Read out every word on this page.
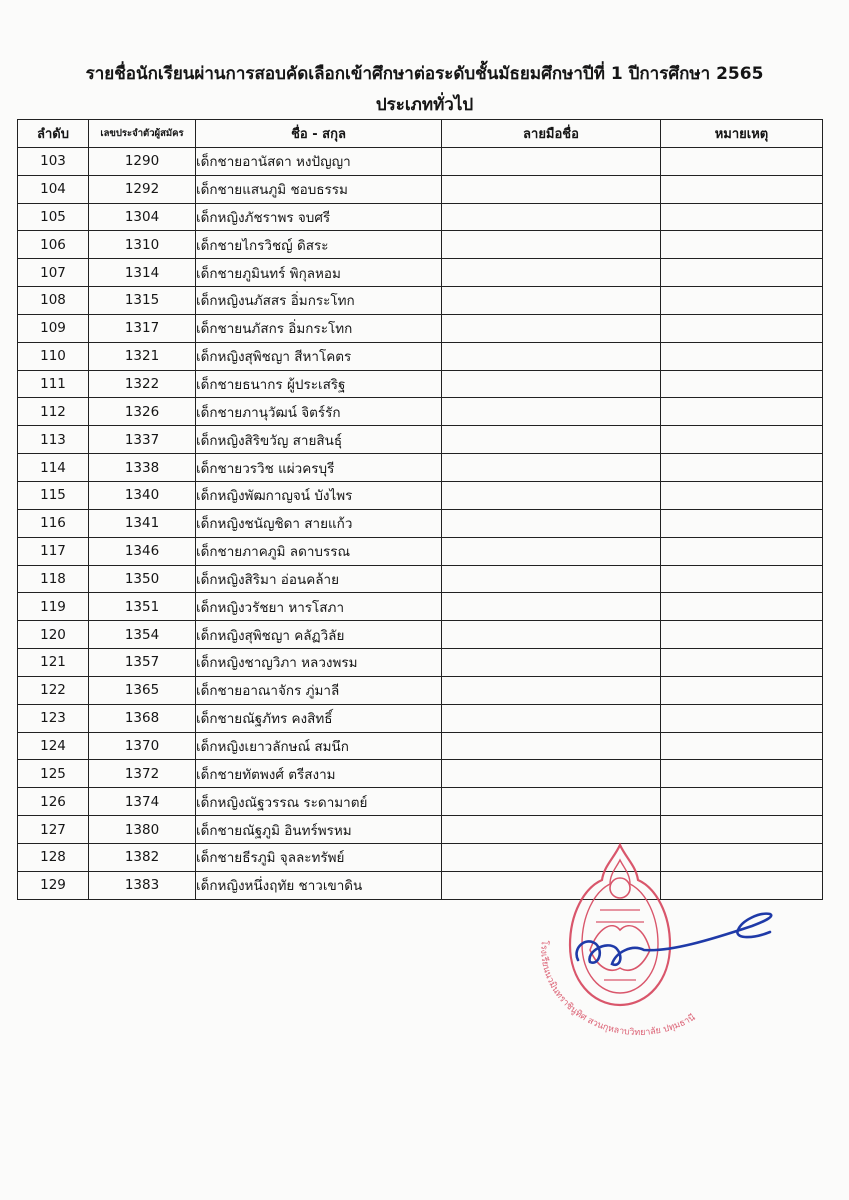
รายชื่อนักเรียนผ่านการสอบคัดเลือกเข้าศึกษาต่อระดับชั้นมัธยมศึกษาปีที่ 1 ปีการศึกษา 2565
ประเภททั่วไป
ลำดับ	เลขประจำตัวผู้สมัคร	ชื่อ - สกุล	ลายมือชื่อ	หมายเหตุ
103	1290	เด็กชายอานัสดา หงปัญญา		
104	1292	เด็กชายแสนภูมิ ชอบธรรม		
105	1304	เด็กหญิงภัชราพร จบศรี		
106	1310	เด็กชายไกรวิชญ์ ดิสระ		
107	1314	เด็กชายภูมินทร์ พิกุลหอม		
108	1315	เด็กหญิงนภัสสร อิ่มกระโทก		
109	1317	เด็กชายนภัสกร อิ่มกระโทก		
110	1321	เด็กหญิงสุพิชญา สีหาโคตร		
111	1322	เด็กชายธนากร ผู้ประเสริฐ		
112	1326	เด็กชายภานุวัฒน์ จิตร์รัก		
113	1337	เด็กหญิงสิริขวัญ สายสินธุ์		
114	1338	เด็กชายวรวิช แผ่วครบุรี		
115	1340	เด็กหญิงพัฒกาญจน์ บังไพร		
116	1341	เด็กหญิงชนัญชิดา สายแก้ว		
117	1346	เด็กชายภาคภูมิ ลดาบรรณ		
118	1350	เด็กหญิงสิริมา อ่อนคล้าย		
119	1351	เด็กหญิงวรัชยา หารโสภา		
120	1354	เด็กหญิงสุพิชญา คลัฏวิลัย		
121	1357	เด็กหญิงชาญวิภา หลวงพรม		
122	1365	เด็กชายอาณาจักร ภู่มาลี		
123	1368	เด็กชายณัฐภัทร คงสิทธิ์		
124	1370	เด็กหญิงเยาวลักษณ์ สมนึก		
125	1372	เด็กชายทัตพงศ์ ตรีสงาม		
126	1374	เด็กหญิงณัฐวรรณ ระดามาตย์		
127	1380	เด็กชายณัฐภูมิ อินทร์พรหม		
128	1382	เด็กชายธีรภูมิ จุลละทรัพย์		
129	1383	เด็กหญิงหนึ่งฤทัย ชาวเขาดิน		
โรงเรียนนวมินทราชินูทิศ สวนกุหลาบวิทยาลัย ปทุมธานี
